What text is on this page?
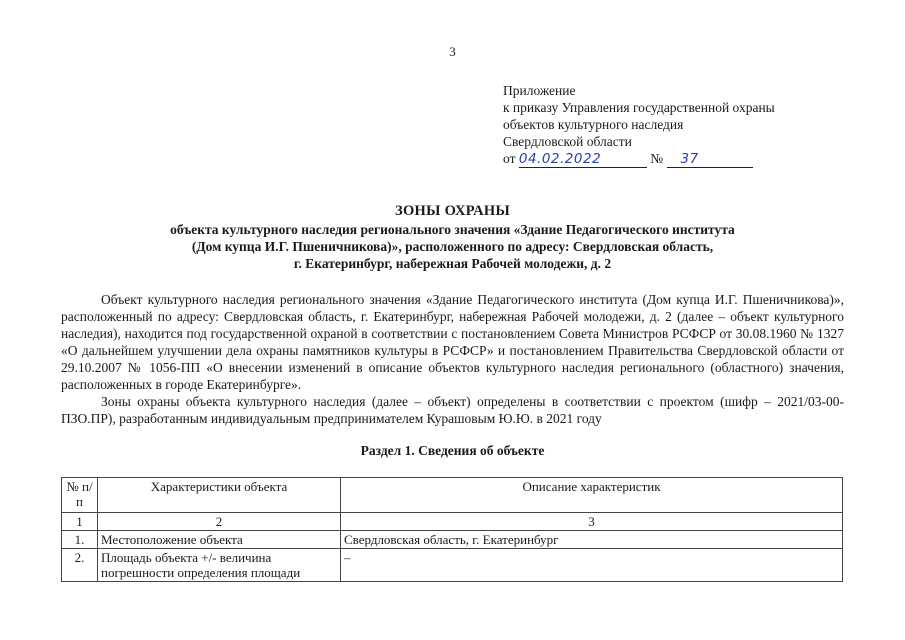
3
Приложение
к приказу Управления государственной охраны
объектов культурного наследия
Свердловской области
от 04.02.2022	№ 37
ЗОНЫ ОХРАНЫ
объекта культурного наследия регионального значения «Здание Педагогического института
(Дом купца И.Г. Пшеничникова)», расположенного по адресу: Свердловская область,
г. Екатеринбург, набережная Рабочей молодежи, д. 2

Объект культурного наследия регионального значения «Здание Педагогического института (Дом купца И.Г. Пшеничникова)», расположенный по адресу: Свердловская область, г. Екатеринбург, набережная Рабочей молодежи, д. 2 (далее – объект культурного наследия), находится под государственной охраной в соответствии с постановлением Совета Министров РСФСР от 30.08.1960 № 1327 «О дальнейшем улучшении дела охраны памятников культуры в РСФСР» и постановлением Правительства Свердловской области от 29.10.2007 № 1056-ПП «О внесении изменений в описание объектов культурного наследия регионального (областного) значения, расположенных в городе Екатеринбурге».

Зоны охраны объекта культурного наследия (далее – объект) определены в соответствии с проектом (шифр – 2021/03-00-ПЗО.ПР), разработанным индивидуальным предпринимателем Курашовым Ю.Ю. в 2021 году

Раздел 1. Сведения об объекте
№ п/п	Характеристики объекта	Описание характеристик
1	2	3
1.	Местоположение объекта	Свердловская область, г. Екатеринбург
2.	Площадь объекта +/- величина погрешности определения площади	–
